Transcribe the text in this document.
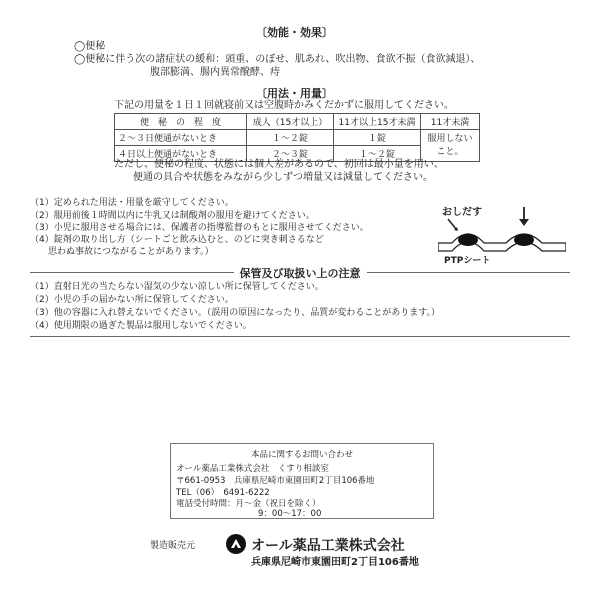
〔効能・効果〕
◯便秘
◯便秘に伴う次の諸症状の緩和：頭重、のぼせ、肌あれ、吹出物、食欲不振（食欲減退）、
腹部膨満、腸内異常醗酵、痔
〔用法・用量〕
下記の用量を１日１回就寝前又は空腹時かみくだかずに服用してください。
便　秘　の　程　度	成人（15才以上）	11才以上15才未満	11才未満
２～３日便通がないとき	１～２錠	１錠	服用しない
こと。
４日以上便通がないとき	２～３錠	１～２錠	
ただし、便秘の程度、状態には個人差があるので、初回は最小量を用い、
便通の具合や状態をみながら少しずつ増量又は減量してください。
（1）定められた用法・用量を厳守してください。
（2）服用前後１時間以内に牛乳又は制酸剤の服用を避けてください。
（3）小児に服用させる場合には、保護者の指導監督のもとに服用させてください。
（4）錠剤の取り出し方（シートごと飲み込むと、のどに突き刺さるなど
　　思わぬ事故につながることがあります。）
おしだす
PTPシート
保管及び取扱い上の注意
（1）直射日光の当たらない湿気の少ない涼しい所に保管してください。
（2）小児の手の届かない所に保管してください。
（3）他の容器に入れ替えないでください。（誤用の原因になったり、品質が変わることがあります。）
（4）使用期限の過ぎた製品は服用しないでください。
本品に関するお問い合わせ
オール薬品工業株式会社　くすり相談室
〒661-0953　兵庫県尼崎市東園田町2丁目106番地
TEL（06）　6491-6222
電話受付時間：月～金（祝日を除く）
9：00～17：00
製造販売元	オール薬品工業株式会社
兵庫県尼崎市東園田町2丁目106番地
